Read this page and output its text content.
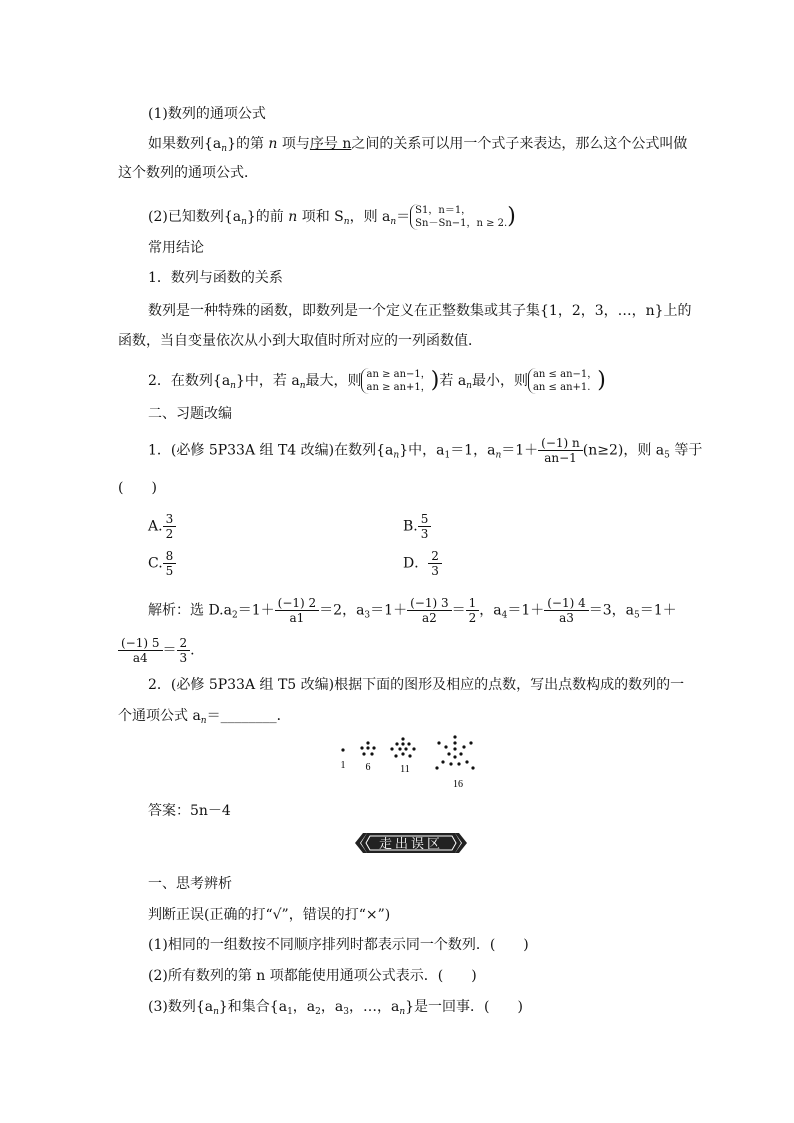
(1)数列的通项公式
如果数列$\{a_n\}$的第 n 项与序号 n之间的关系可以用一个式子来表达，那么这个公式叫做
这个数列的通项公式．
(2)已知数列$\{a_n\}$的前 n 项和 $S_n$，则 $a_n= S1$，n＝1，
Sn－Sn−1，n ≥ 2. )
常用结论
1．数列与函数的关系
数列是一种特殊的函数，即数列是一个定义在正整数集或其子集{1，2，3，…，n}上的
函数，当自变量依次从小到大取值时所对应的一列函数值．
2．在数列$\{a_n\}$中，若 $a_n$最大，则 an ≥ an−1，
an ≥ an+1， )若 $a_n$最小，则 an ≤ an−1，
an ≤ an+1. )
二、习题改编
1．(必修 5P33A 组 T4 改编)在数列$\{a_n\}$中，$a_1=1$，$a_n=1+ \frac{(-1) n}{an-1} (n\ge 2)$，则 $a_5$ 等于
(　　)
A. $\frac{3}{2}$	B. $\frac{5}{3}$
C. $\frac{8}{5}$	D． $\frac{2}{3}$
解析：选 $D.a_2=1+ \frac{(-1) 2}{a1} =2$，$a_3=1+ \frac{(-1) 3}{a2} = \frac{1}{2}$ ，$a_4=1+ \frac{(-1) 4}{a3} =3$，$a_5=1+$
$\frac{(-1) 5}{a4} = \frac{2}{3}$ .
2．(必修 5P33A 组 T5 改编)根据下面的图形及相应的点数，写出点数构成的数列的一
个通项公式 $a_n=\_\_\_\_\_\_\_\_$．
1 6	11
16
答案：5n－4
走出误区
一、思考辨析
判断正误(正确的打“√”，错误的打“×”)
(1)相同的一组数按不同顺序排列时都表示同一个数列．(　　)
(2)所有数列的第 n 项都能使用通项公式表示．(　　)
(3)数列$\{a_n\}$和集合{$a_1$，$a_2$，$a_3$，…，$a_n$}是一回事．(　　)
